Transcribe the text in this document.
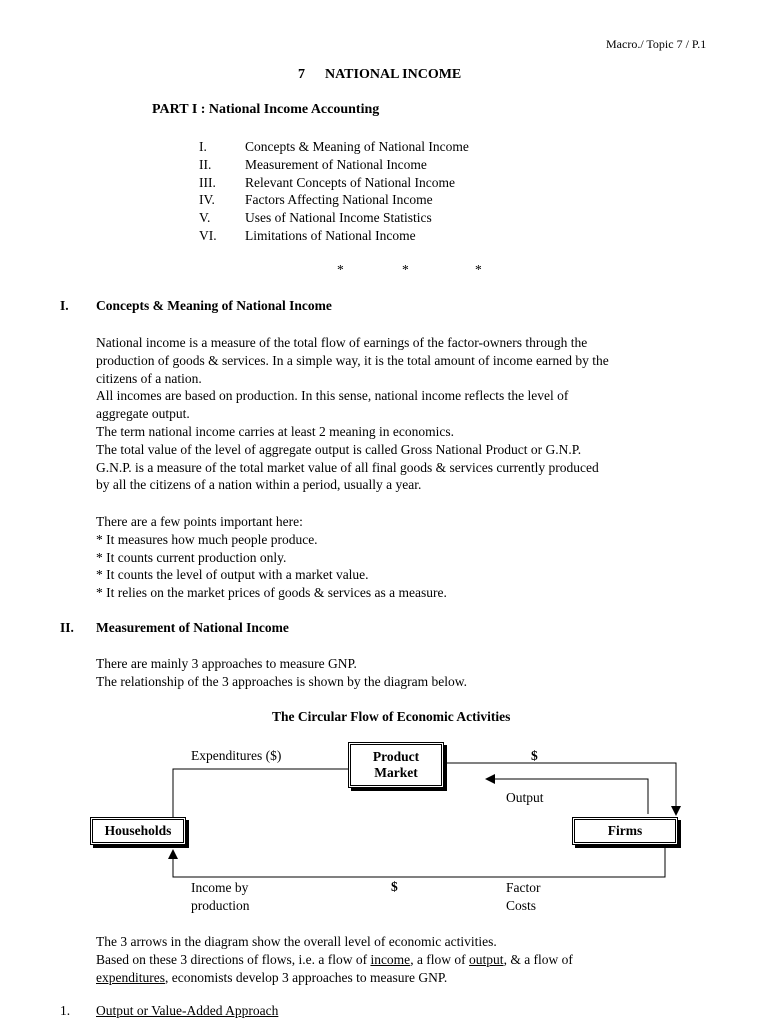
Macro./ Topic 7 / P.1
7 NATIONAL INCOME
PART I : National Income Accounting
I.	Concepts & Meaning of National Income
II. Measurement of National Income
III. Relevant Concepts of National Income
IV. Factors Affecting National Income
V.	Uses of National Income Statistics
VI. Limitations of National Income
*	*	*
I. Concepts & Meaning of National Income
National income is a measure of the total flow of earnings of the factor-owners through the
production of goods & services. In a simple way, it is the total amount of income earned by the
citizens of a nation.
All incomes are based on production. In this sense, national income reflects the level of
aggregate output.
The term national income carries at least 2 meaning in economics.
The total value of the level of aggregate output is called Gross National Product or G.N.P.
G.N.P. is a measure of the total market value of all final goods & services currently produced
by all the citizens of a nation within a period, usually a year.
There are a few points important here:
* It measures how much people produce.
* It counts current production only.
* It counts the level of output with a market value.
* It relies on the market prices of goods & services as a measure.
II. Measurement of National Income
There are mainly 3 approaches to measure GNP.
The relationship of the 3 approaches is shown by the diagram below.
The Circular Flow of Economic Activities
Product Market
Households	Firms
Expenditures ($)	$
Output
Income by production
$	Factor Costs
The 3 arrows in the diagram show the overall level of economic activities.
Based on these 3 directions of flows, i.e. a flow of income, a flow of output, & a flow of
expenditures, economists develop 3 approaches to measure GNP.
1. Output or Value-Added Approach
